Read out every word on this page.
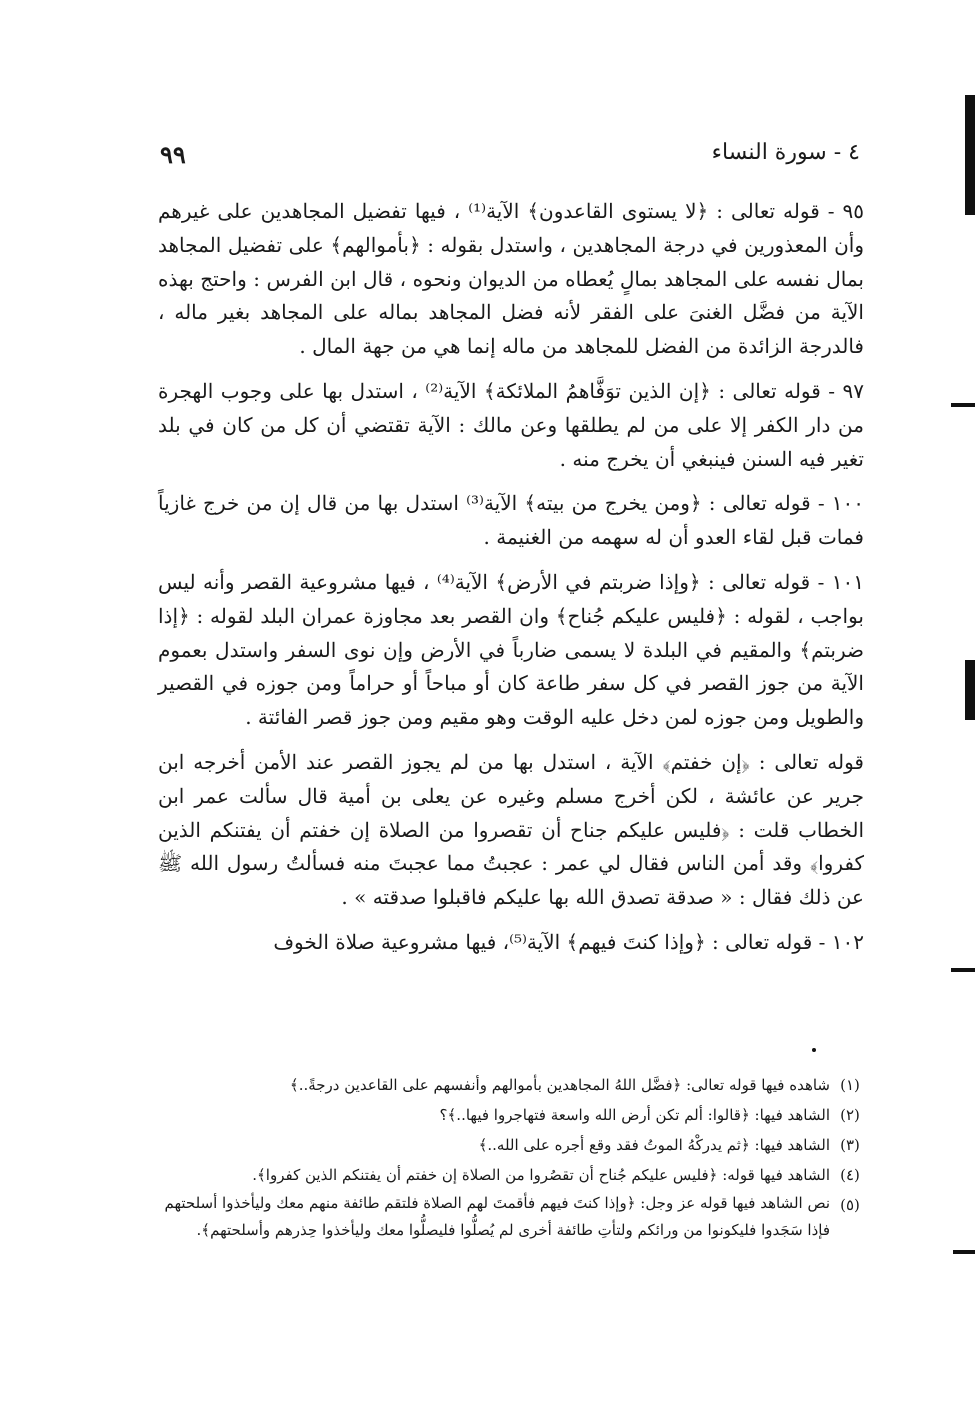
٤ - سورة النساء
٩٩

٩٥ - قوله تعالى : ﴿لا يستوى القاعدون﴾ الآية⁽¹⁾ ، فيها تفضيل المجاهدين على غيرهم وأن المعذورين في درجة المجاهدين ، واستدل بقوله : ﴿بأموالهم﴾ على تفضيل المجاهد بمال نفسه على المجاهد بمالٍ يُعطاه من الديوان ونحوه ، قال ابن الفرس : واحتج بهذه الآية من فضَّل الغنىَ على الفقر لأنه فضل المجاهد بماله على المجاهد بغير ماله ، فالدرجة الزائدة من الفضل للمجاهد من ماله إنما هي من جهة المال .

٩٧ - قوله تعالى : ﴿إن الذين توَفَّاهمُ الملائكة﴾ الآية⁽²⁾ ، استدل بها على وجوب الهجرة من دار الكفر إلا على من لم يطلقها وعن مالك : الآية تقتضي أن كل من كان في بلد تغير فيه السنن فينبغي أن يخرج منه .

١٠٠ - قوله تعالى : ﴿ومن يخرج من بيته﴾ الآية⁽³⁾ استدل بها من قال إن من خرج غازياً فمات قبل لقاء العدو أن له سهمه من الغنيمة .

١٠١ - قوله تعالى : ﴿وإذا ضربتم في الأرض﴾ الآية⁽⁴⁾ ، فيها مشروعية القصر وأنه ليس بواجب ، لقوله : ﴿فليس عليكم جُناح﴾ وان القصر بعد مجاوزة عمران البلد لقوله : ﴿إذا ضربتم﴾ والمقيم في البلدة لا يسمى ضارباً في الأرض وإن نوى السفر واستدل بعموم الآية من جوز القصر في كل سفر طاعة كان أو مباحاً أو حراماً ومن جوزه في القصير والطويل ومن جوزه لمن دخل عليه الوقت وهو مقيم ومن جوز قصر الفائتة .

قوله تعالى : ﴿إن خفتم﴾ الآية ، استدل بها من لم يجوز القصر عند الأمن أخرجه ابن جرير عن عائشة ، لكن أخرج مسلم وغيره عن يعلى بن أمية قال سألت عمر ابن الخطاب قلت : ﴿فليس عليكم جناح أن تقصروا من الصلاة إن خفتم أن يفتنكم الذين كفروا﴾ وقد أمن الناس فقال لي عمر : عجبتُ مما عجبتَ منه فسألتُ رسول الله ﷺ عن ذلك فقال : « صدقة تصدق الله بها عليكم فاقبلوا صدقته » .

١٠٢ - قوله تعالى : ﴿وإذا كنتَ فيهم﴾ الآية⁽⁵⁾، فيها مشروعية صلاة الخوف

(١)
شاهده فيها قوله تعالى: ﴿فضَّل اللهُ المجاهدين بأموالهم وأنفسهم على القاعدين درجةً..﴾
(٢)
الشاهد فيها: ﴿قالوا: ألم تكن أرض الله واسعة فتهاجروا فيها..﴾؟
(٣)
الشاهد فيها: ﴿ثم يدركْهُ الموتُ فقد وقع أجره على الله..﴾
(٤)
الشاهد فيها قوله: ﴿فليس عليكم جُناح أن تقصُروا من الصلاة إن خفتم أن يفتنكم الذين كفروا﴾.
(٥)
نص الشاهد فيها قوله عز وجل: ﴿وإذا كنتَ فيهم فأقمتَ لهم الصلاة فلتقم طائفة منهم معك وليأخذوا أسلحتهم فإذا سَجَدوا فليكونوا من ورائكم ولتأتِ طائفة أخرى لم يُصلُّوا فليصلُّوا معك وليأخذوا حِذرهم وأسلحتهم﴾.
